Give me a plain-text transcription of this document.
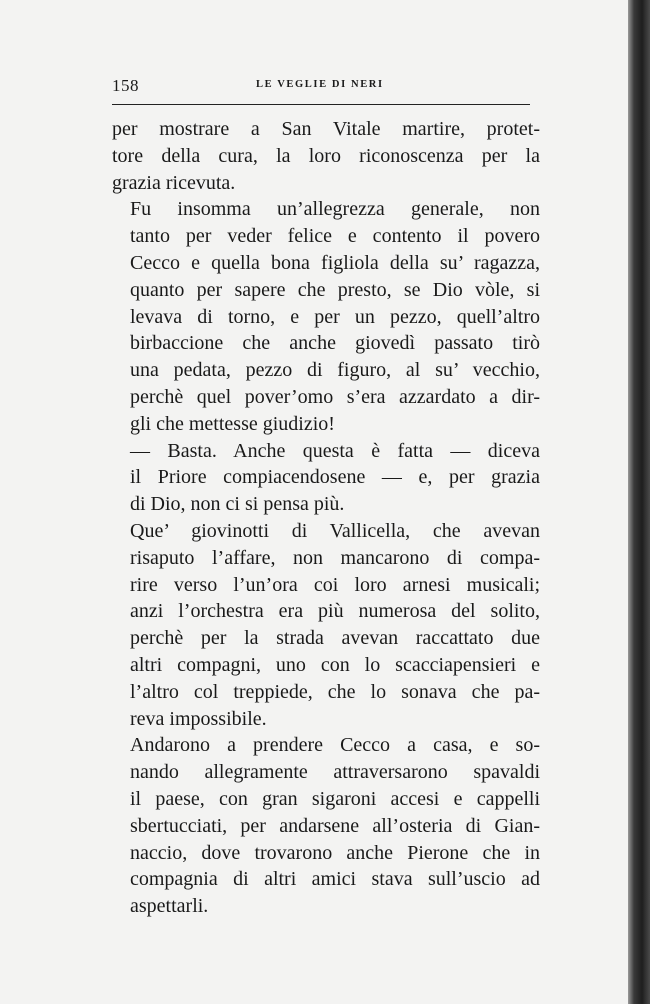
158	LE VEGLIE DI NERI

per mostrare a San Vitale martire, protet-
tore della cura, la loro riconoscenza per la
grazia ricevuta.

Fu insomma un’allegrezza generale, non
tanto per veder felice e contento il povero
Cecco e quella bona figliola della su’ ragazza,
quanto per sapere che presto, se Dio vòle, si
levava di torno, e per un pezzo, quell’altro
birbaccione che anche giovedì passato tirò
una pedata, pezzo di figuro, al su’ vecchio,
perchè quel pover’omo s’era azzardato a dir-
gli che mettesse giudizio!

— Basta. Anche questa è fatta — diceva
il Priore compiacendosene — e, per grazia
di Dio, non ci si pensa più.

Que’ giovinotti di Vallicella, che avevan
risaputo l’affare, non mancarono di compa-
rire verso l’un’ora coi loro arnesi musicali;
anzi l’orchestra era più numerosa del solito,
perchè per la strada avevan raccattato due
altri compagni, uno con lo scacciapensieri e
l’altro col treppiede, che lo sonava che pa-
reva impossibile.

Andarono a prendere Cecco a casa, e so-
nando allegramente attraversarono spavaldi
il paese, con gran sigaroni accesi e cappelli
sbertucciati, per andarsene all’osteria di Gian-
naccio, dove trovarono anche Pierone che in
compagnia di altri amici stava sull’uscio ad
aspettarli.
